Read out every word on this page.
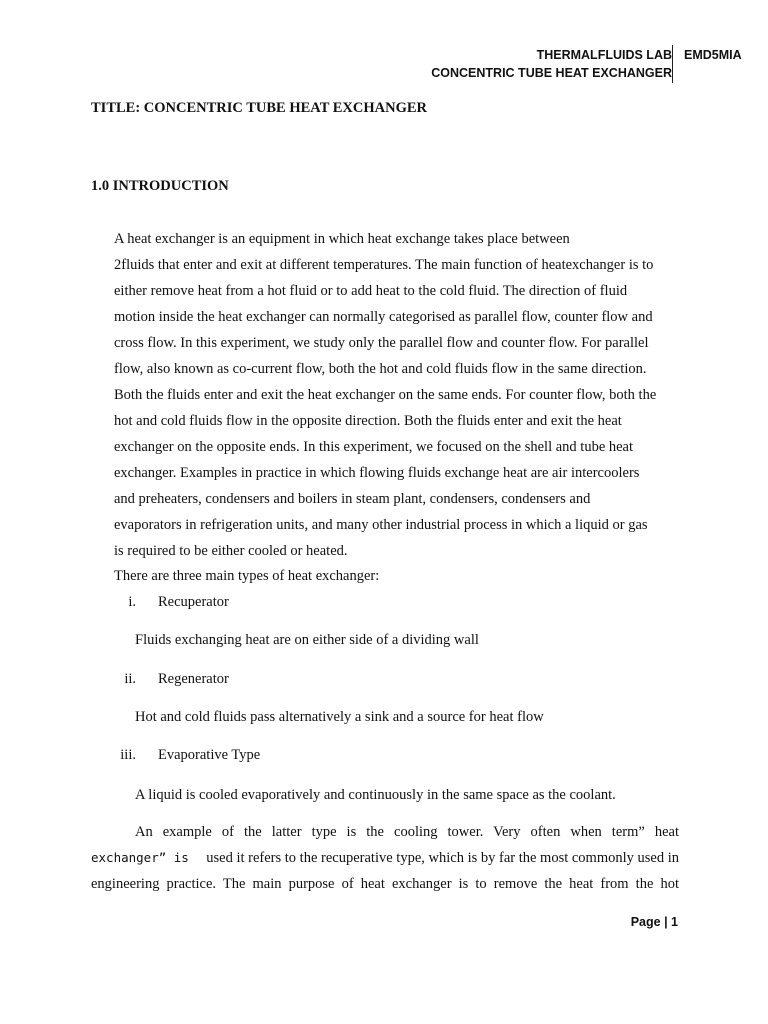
THERMALFLUIDS LAB EMD5MIA
CONCENTRIC TUBE HEAT EXCHANGER
TITLE: CONCENTRIC TUBE HEAT EXCHANGER
1.0 INTRODUCTION
A heat exchanger is an equipment in which heat exchange takes place between
2fluids that enter and exit at different temperatures. The main function of heatexchanger is to
either remove heat from a hot fluid or to add heat to the cold fluid. The direction of fluid
motion inside the heat exchanger can normally categorised as parallel flow, counter flow and
cross flow. In this experiment, we study only the parallel flow and counter flow. For parallel
flow, also known as co-current flow, both the hot and cold fluids flow in the same direction.
Both the fluids enter and exit the heat exchanger on the same ends. For counter flow, both the
hot and cold fluids flow in the opposite direction. Both the fluids enter and exit the heat
exchanger on the opposite ends. In this experiment, we focused on the shell and tube heat
exchanger. Examples in practice in which flowing fluids exchange heat are air intercoolers
and preheaters, condensers and boilers in steam plant, condensers, condensers and
evaporators in refrigeration units, and many other industrial process in which a liquid or gas
is required to be either cooled or heated.
There are three main types of heat exchanger:
i. Recuperator
Fluids exchanging heat are on either side of a dividing wall
ii. Regenerator
Hot and cold fluids pass alternatively a sink and a source for heat flow
iii. Evaporative Type
A liquid is cooled evaporatively and continuously in the same space as the coolant.
An example of the latter type is the cooling tower. Very often when term” heat
exchanger” is used it refers to the recuperative type, which is by far the most commonly used in
engineering practice. The main purpose of heat exchanger is to remove the heat from the hot
Page | 1
